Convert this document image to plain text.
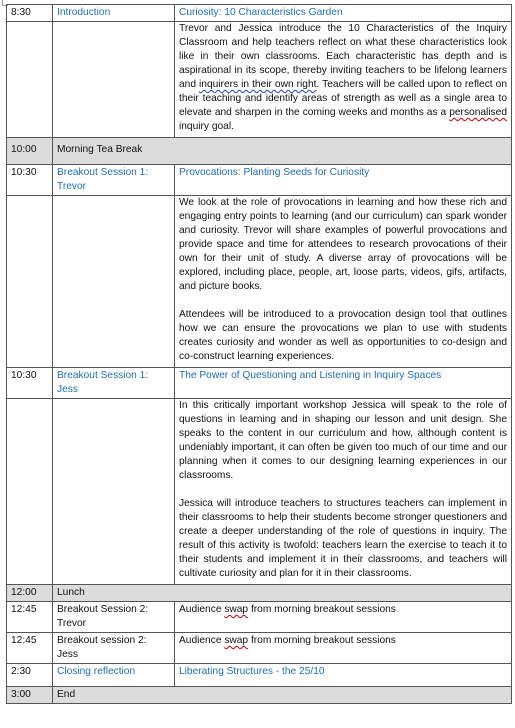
8:30	Introduction	Curiosity: 10 Characteristics Garden
		Trevor and Jessica introduce the 10 Characteristics of the Inquiry Classroom and help teachers reflect on what these characteristics look like in their own classrooms. Each characteristic has depth and is aspirational in its scope, thereby inviting teachers to be lifelong learners and inquirers in their own right. Teachers will be called upon to reflect on their teaching and identify areas of strength as well as a single area to elevate and sharpen in the coming weeks and months as a personalised inquiry goal.
10:00	Morning Tea Break	
10:30	Breakout Session 1: Trevor	Provocations: Planting Seeds for Curiosity

		We look at the role of provocations in learning and how these rich and engaging entry points to learning (and our curriculum) can spark wonder and curiosity. Trevor will share examples of powerful provocations and provide space and time for attendees to research provocations of their own for their unit of study. A diverse array of provocations will be explored, including place, people, art, loose parts, videos, gifs, artifacts, and picture books.

Attendees will be introduced to a provocation design tool that outlines how we can ensure the provocations we plan to use with students creates curiosity and wonder as well as opportunities to co-design and co-construct learning experiences.

10:30	Breakout Session 1: Jess	The Power of Questioning and Listening in Inquiry Spaces

		In this critically important workshop Jessica will speak to the role of questions in learning and in shaping our lesson and unit design. She speaks to the content in our curriculum and how, although content is undeniably important, it can often be given too much of our time and our planning when it comes to our designing learning experiences in our classrooms.

Jessica will introduce teachers to structures teachers can implement in their classrooms to help their students become stronger questioners and create a deeper understanding of the role of questions in inquiry. The result of this activity is twofold: teachers learn the exercise to teach it to their students and implement it in their classrooms, and teachers will cultivate curiosity and plan for it in their classrooms.

12:00	Lunch	
12:45	Breakout Session 2: Trevor	Audience swap from morning breakout sessions
12:45	Breakout session 2: Jess	Audience swap from morning breakout sessions
2:30	Closing reflection	Liberating Structures - the 25/10
3:00	End	
